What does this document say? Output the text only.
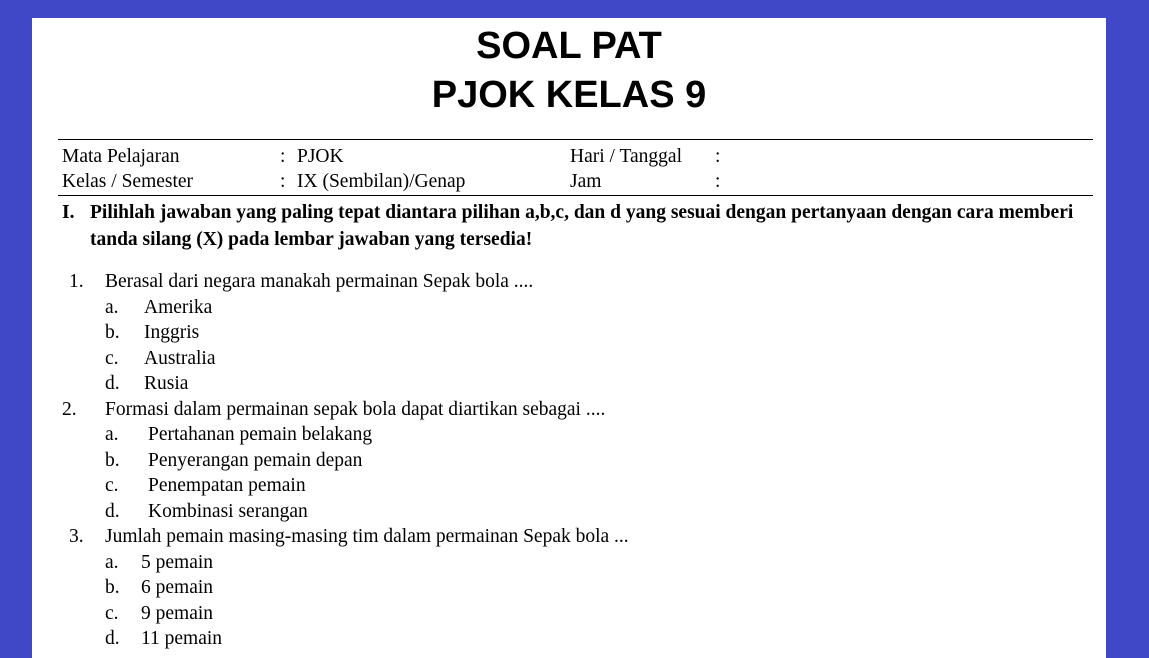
SOAL PAT
PJOK KELAS 9
Mata Pelajaran	: PJOK	Hari / Tanggal :
Kelas / Semester	: IX (Sembilan)/Genap	Jam	:
I. Pilihlah jawaban yang paling tepat diantara pilihan a,b,c, dan d yang sesuai dengan pertanyaan dengan cara memberi tanda silang (X) pada lembar jawaban yang tersedia!
1. Berasal dari negara manakah permainan Sepak bola ....
a. Amerika
b. Inggris
c. Australia
d. Rusia
2. Formasi dalam permainan sepak bola dapat diartikan sebagai ....
a. Pertahanan pemain belakang
b. Penyerangan pemain depan
c. Penempatan pemain
d. Kombinasi serangan
3. Jumlah pemain masing-masing tim dalam permainan Sepak bola ...
a. 5 pemain
b. 6 pemain
c. 9 pemain
d. 11 pemain
